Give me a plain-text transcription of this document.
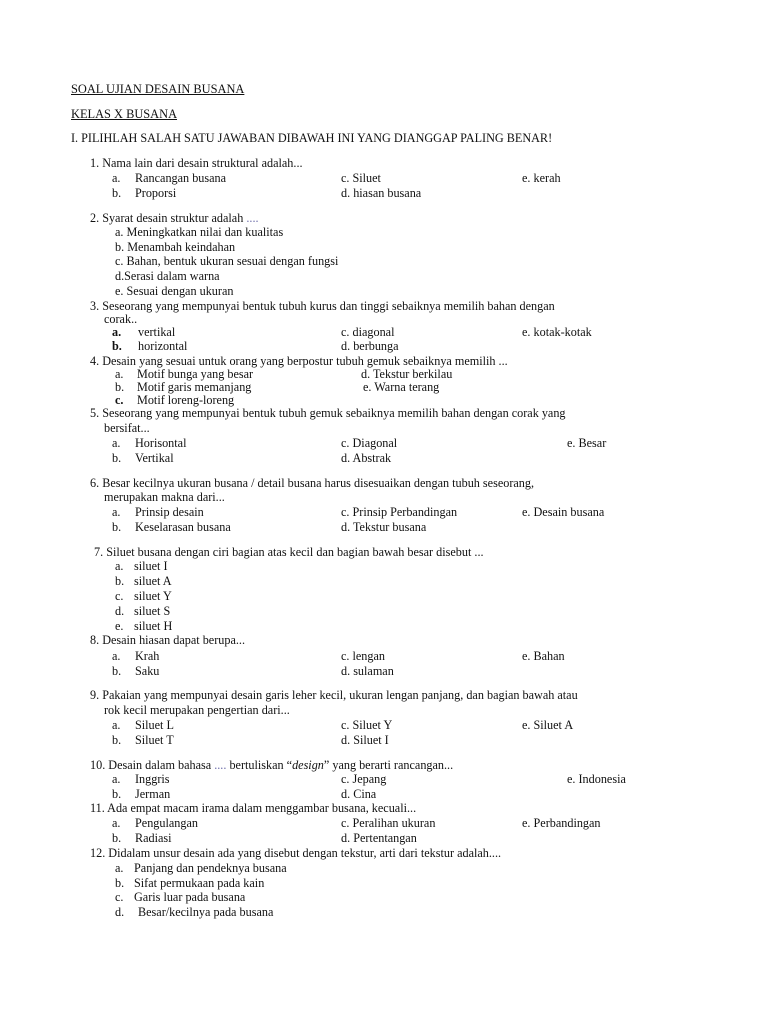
SOAL UJIAN DESAIN BUSANA
KELAS X BUSANA
I. PILIHLAH SALAH SATU JAWABAN DIBAWAH INI YANG DIANGGAP PALING BENAR!
1. Nama lain dari desain struktural adalah...
a. Rancangan busana
b. Proporsi
c. Siluet
d. hiasan busana
e. kerah
2. Syarat desain struktur adalah ....
a. Meningkatkan nilai dan kualitas
b. Menambah keindahan
c. Bahan, bentuk ukuran sesuai dengan fungsi
d.Serasi dalam warna
e. Sesuai dengan ukuran
3. Seseorang yang mempunyai bentuk tubuh kurus dan tinggi sebaiknya memilih bahan dengan
corak..
a. vertikal
b. horizontal
c. diagonal
d. berbunga
e. kotak-kotak
4. Desain yang sesuai untuk orang yang berpostur tubuh gemuk sebaiknya memilih ...
a. Motif bunga yang besar
b. Motif garis memanjang
c. Motif loreng-loreng
d. Tekstur berkilau
e. Warna terang
5. Seseorang yang mempunyai bentuk tubuh gemuk sebaiknya memilih bahan dengan corak yang
bersifat...
a. Horisontal
b. Vertikal
c. Diagonal
d. Abstrak
e. Besar
6. Besar kecilnya ukuran busana / detail busana harus disesuaikan dengan tubuh seseorang,
merupakan makna dari...
a. Prinsip desain
b. Keselarasan busana
c. Prinsip Perbandingan
d. Tekstur busana
e. Desain busana
7. Siluet busana dengan ciri bagian atas kecil dan bagian bawah besar disebut ...
a. siluet I
b. siluet A
c. siluet Y
d. siluet S
e. siluet H
8. Desain hiasan dapat berupa...
a. Krah
b. Saku
c. lengan
d. sulaman
e. Bahan
9. Pakaian yang mempunyai desain garis leher kecil, ukuran lengan panjang, dan bagian bawah atau
rok kecil merupakan pengertian dari...
a. Siluet L
b. Siluet T
c. Siluet Y
d. Siluet I
e. Siluet A
10. Desain dalam bahasa .... bertuliskan “design” yang berarti rancangan...
a. Inggris
b. Jerman
c. Jepang
d. Cina
e. Indonesia
11. Ada empat macam irama dalam menggambar busana, kecuali...
a. Pengulangan
b. Radiasi
c. Peralihan ukuran
d. Pertentangan
e. Perbandingan
12. Didalam unsur desain ada yang disebut dengan tekstur, arti dari tekstur adalah....
a. Panjang dan pendeknya busana
b. Sifat permukaan pada kain
c. Garis luar pada busana
d. Besar/kecilnya pada busana
